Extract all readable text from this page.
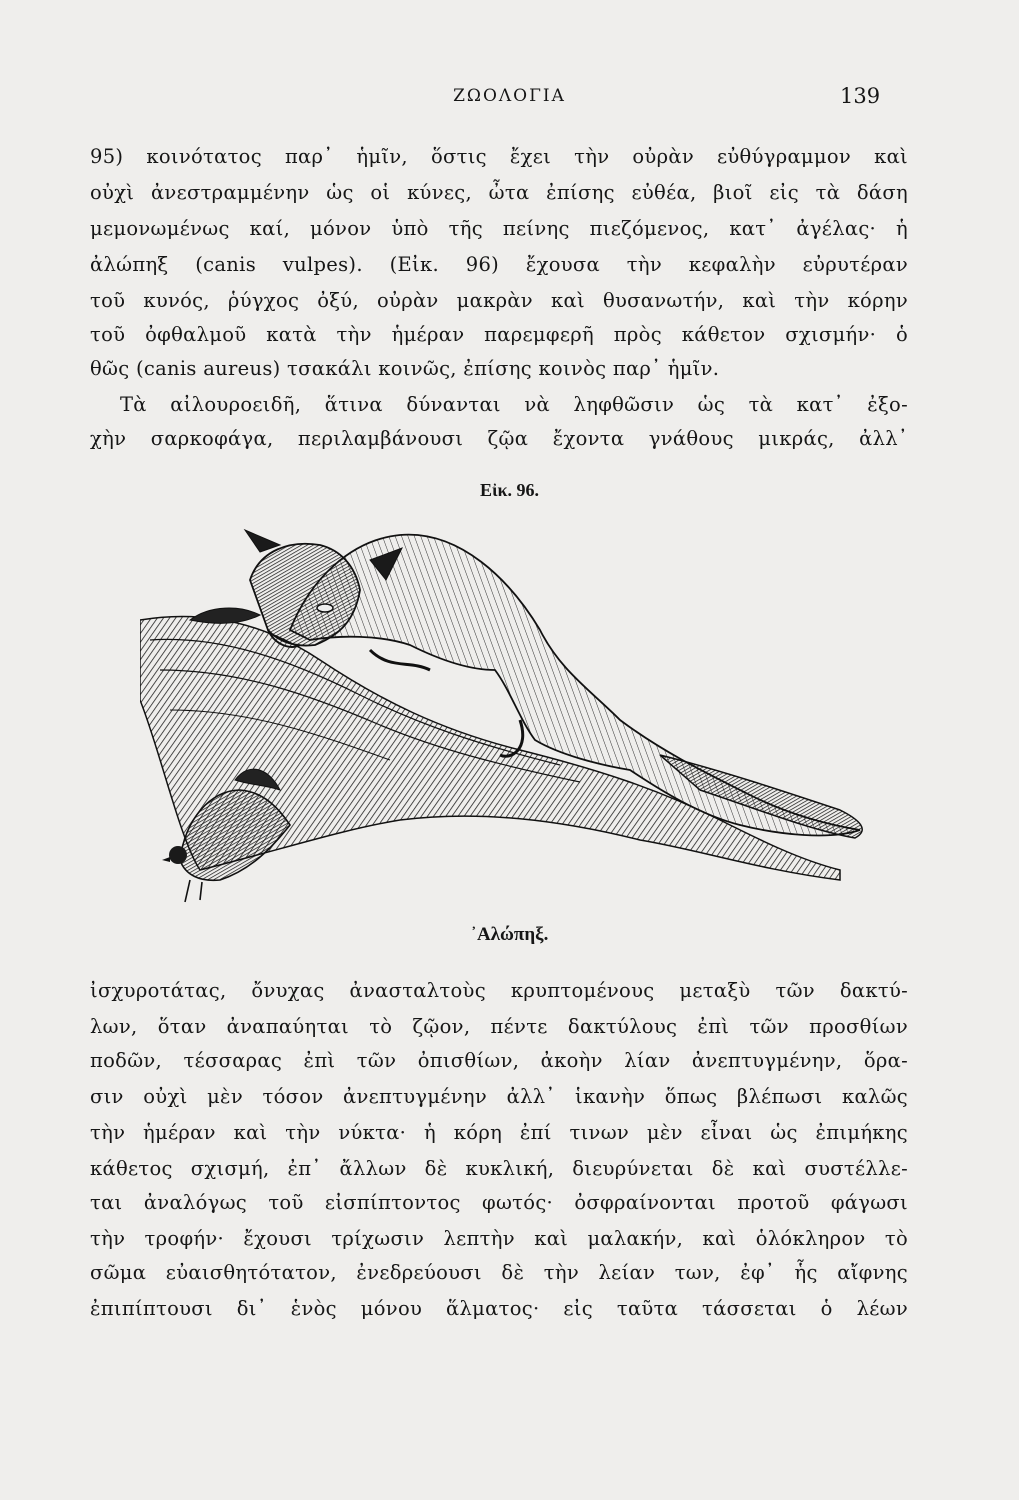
ΖΩΟΛΟΓΙΑ	139
95) κοινότατος παρ᾽ ἡμῖν, ὅστις ἔχει τὴν οὐρὰν εὐθύγραμμον καὶ
οὐχὶ ἀνεστραμμένην ὡς οἱ κύνες, ὦτα ἐπίσης εὐθέα, βιοῖ εἰς τὰ δάση
μεμονωμένως καί, μόνον ὑπὸ τῆς πείνης πιεζόμενος, κατ᾽ ἀγέλας· ἡ
ἀλώπηξ (canis vulpes). (Εἰκ. 96) ἔχουσα τὴν κεφαλὴν εὐρυτέραν
τοῦ κυνός, ῥύγχος ὀξύ, οὐρὰν μακρὰν καὶ θυσανωτήν, καὶ τὴν κόρην
τοῦ ὀφθαλμοῦ κατὰ τὴν ἡμέραν παρεμφερῆ πρὸς κάθετον σχισμήν· ὁ
θῶς (canis aureus) τσακάλι κοινῶς, ἐπίσης κοινὸς παρ᾽ ἡμῖν.
Τὰ αἰλουροειδῆ, ἅτινα δύνανται νὰ ληφθῶσιν ὡς τὰ κατ᾽ ἐξο-
χὴν σαρκοφάγα, περιλαμβάνουσι ζῷα ἔχοντα γνάθους μικράς, ἀλλ᾽
Εἰκ. 96.
᾿Αλώπηξ.
ἰσχυροτάτας, ὄνυχας ἀνασταλτοὺς κρυπτομένους μεταξὺ τῶν δακτύ-
λων, ὅταν ἀναπαύηται τὸ ζῷον, πέντε δακτύλους ἐπὶ τῶν προσθίων
ποδῶν, τέσσαρας ἐπὶ τῶν ὀπισθίων, ἀκοὴν λίαν ἀνεπτυγμένην, ὅρα-
σιν οὐχὶ μὲν τόσον ἀνεπτυγμένην ἀλλ᾽ ἱκανὴν ὅπως βλέπωσι καλῶς
τὴν ἡμέραν καὶ τὴν νύκτα· ἡ κόρη ἐπί τινων μὲν εἶναι ὡς ἐπιμήκης
κάθετος σχισμή, ἐπ᾽ ἄλλων δὲ κυκλική, διευρύνεται δὲ καὶ συστέλλε-
ται ἀναλόγως τοῦ εἰσπίπτοντος φωτός· ὀσφραίνονται προτοῦ φάγωσι
τὴν τροφήν· ἔχουσι τρίχωσιν λεπτὴν καὶ μαλακήν, καὶ ὁλόκληρον τὸ
σῶμα εὐαισθητότατον, ἐνεδρεύουσι δὲ τὴν λείαν των, ἐφ᾽ ἧς αἴφνης
ἐπιπίπτουσι δι᾽ ἑνὸς μόνου ἅλματος· εἰς ταῦτα τάσσεται ὁ λέων
